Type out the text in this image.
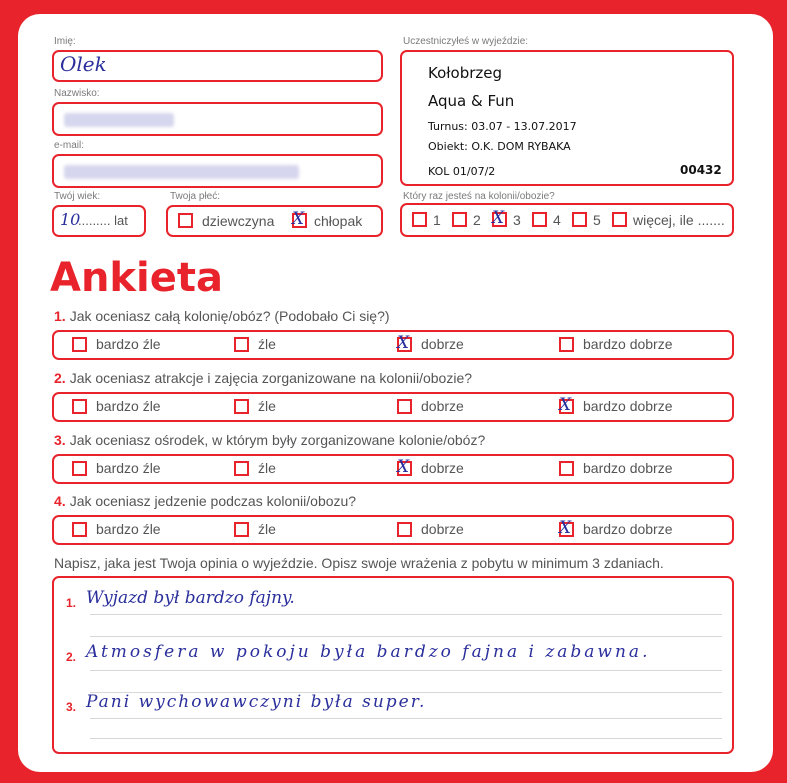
Imię:
Olek
Nazwisko:
e-mail:
Twój wiek:
10
......... lat
Twoja płeć:
dziewczyna X chłopak
Uczestniczyłeś w wyjeździe:
Kołobrzeg
Aqua & Fun
Turnus: 03.07 - 13.07.2017
Obiekt: O.K. DOM RYBAKA
KOL 01/07/2	00432
Który raz jesteś na kolonii/obozie?
1 2 X 3 4 5 więcej, ile .......
Ankieta
1. Jak oceniasz całą kolonię/obóz? (Podobało Ci się?)
bardzo źle	źle	X dobrze	bardzo dobrze
2. Jak oceniasz atrakcje i zajęcia zorganizowane na kolonii/obozie?
bardzo źle	źle	dobrze	X bardzo dobrze
3. Jak oceniasz ośrodek, w którym były zorganizowane kolonie/obóz?
bardzo źle	źle	X dobrze	bardzo dobrze
4. Jak oceniasz jedzenie podczas kolonii/obozu?
bardzo źle	źle	dobrze	X bardzo dobrze
Napisz, jaka jest Twoja opinia o wyjeździe. Opisz swoje wrażenia z pobytu w minimum 3 zdaniach.
1. Wyjazd był bardzo fajny.
2. Atmosfera w pokoju była bardzo fajna i zabawna.
3. Pani wychowawczyni była super.
